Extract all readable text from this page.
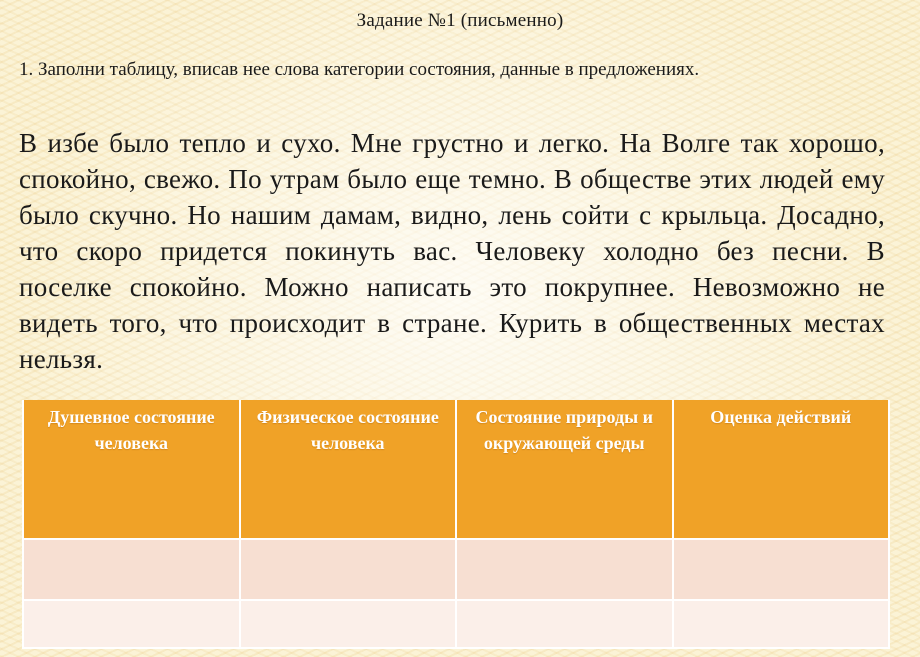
Задание №1 (письменно)
1. Заполни таблицу, вписав нее слова категории состояния, данные в предложениях.
В избе было тепло и сухо. Мне грустно и легко. На Волге так хорошо, спокойно, свежо. По утрам было еще темно. В обществе этих людей ему было скучно. Но нашим дамам, видно, лень сойти с крыльца. Досадно, что скоро придется покинуть вас. Человеку холодно без песни. В поселке спокойно. Можно написать это покрупнее. Невозможно не видеть того, что происходит в стране. Курить в общественных местах нельзя.
Душевное состояние человека	Физическое состояние человека	Состояние природы и окружающей среды	Оценка действий
